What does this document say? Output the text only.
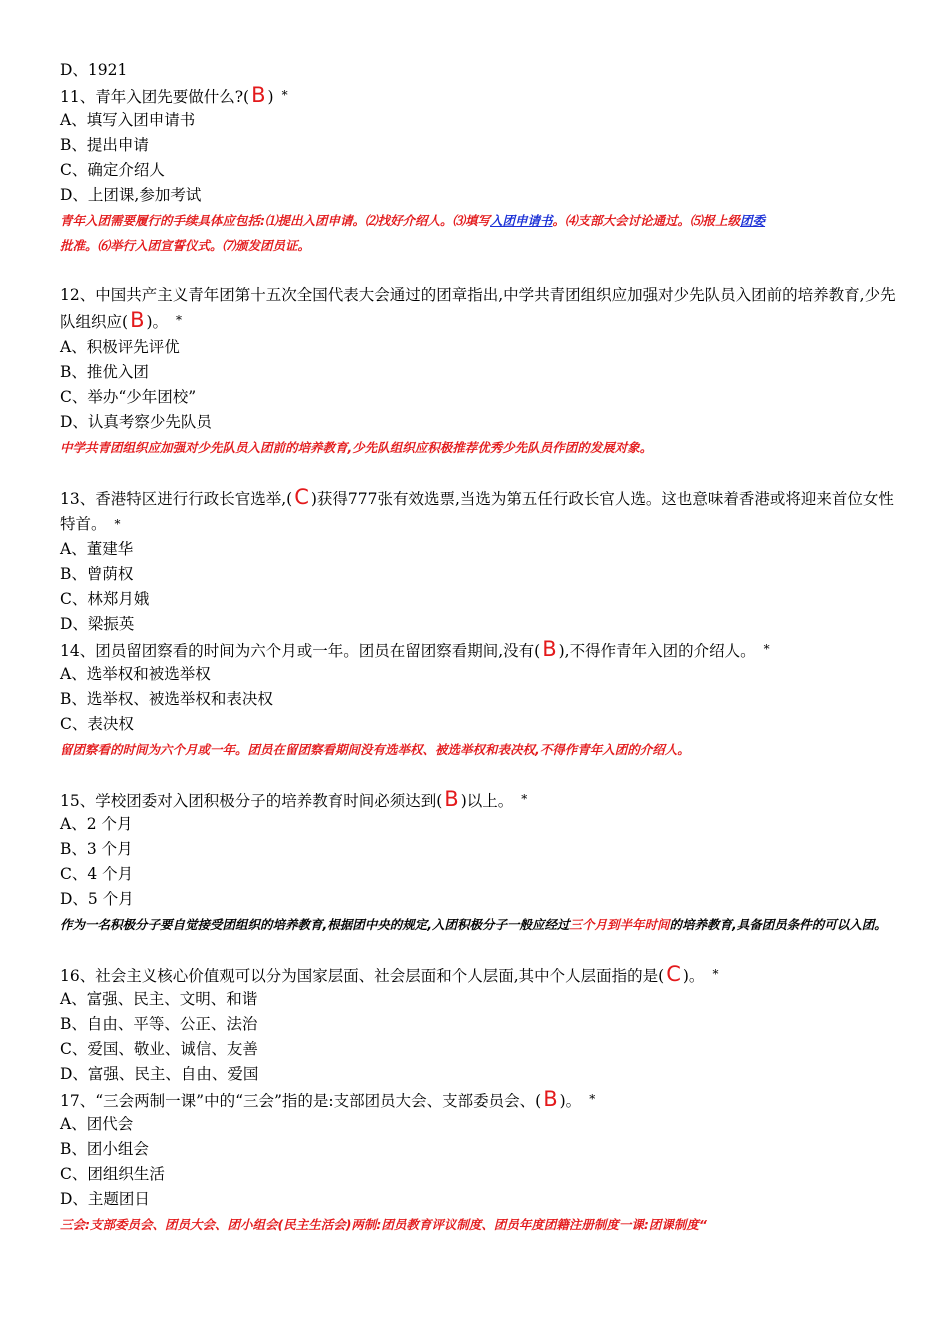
D、1921
11、青年入团先要做什么?(B ) *
A、填写入团申请书
B、提出申请
C、确定介绍人
D、上团课,参加考试
青年入团需要履行的手续具体应包括:⑴提出入团申请。⑵找好介绍人。⑶填写入团申请书。⑷支部大会讨论通过。⑸报上级团委
批准。⑹举行入团宣誓仪式。⑺颁发团员证。
12、中国共产主义青年团第十五次全国代表大会通过的团章指出,中学共青团组织应加强对少先队员入团前的培养教育,少先队组织应(B )。 *
A、积极评先评优
B、推优入团
C、举办“少年团校”
D、认真考察少先队员
中学共青团组织应加强对少先队员入团前的培养教育,少先队组织应积极推荐优秀少先队员作团的发展对象。
13、香港特区进行行政长官选举,(C )获得777张有效选票,当选为第五任行政长官人选。这也意味着香港或将迎来首位女性特首。 *
A、董建华
B、曾荫权
C、林郑月娥
D、梁振英
14、团员留团察看的时间为六个月或一年。团员在留团察看期间,没有(B ),不得作青年入团的介绍人。 *
A、选举权和被选举权
B、选举权、被选举权和表决权
C、表决权
留团察看的时间为六个月或一年。团员在留团察看期间没有选举权、被选举权和表决权,不得作青年入团的介绍人。
15、学校团委对入团积极分子的培养教育时间必须达到(B )以上。 *
A、2 个月
B、3 个月
C、4 个月
D、5 个月
作为一名积极分子要自觉接受团组织的培养教育,根据团中央的规定,入团积极分子一般应经过三个月到半年时间的培养教育,具备团员条件的可以入团。
16、社会主义核心价值观可以分为国家层面、社会层面和个人层面,其中个人层面指的是(C )。 *
A、富强、民主、文明、和谐
B、自由、平等、公正、法治
C、爱国、敬业、诚信、友善
D、富强、民主、自由、爱国
17、“三会两制一课”中的“三会”指的是:支部团员大会、支部委员会、(B )。 *
A、团代会
B、团小组会
C、团组织生活
D、主题团日
三会:支部委员会、团员大会、团小组会(民主生活会)两制:团员教育评议制度、团员年度团籍注册制度一课:团课制度“
